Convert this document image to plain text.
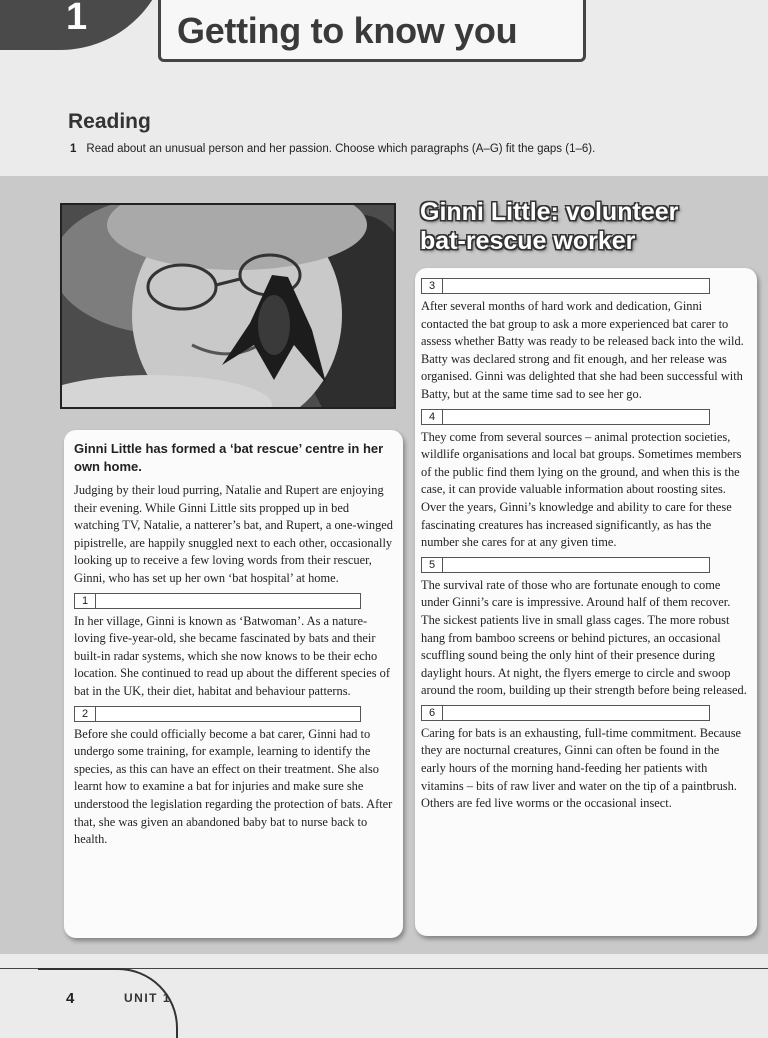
1 Getting to know you
Reading
1 Read about an unusual person and her passion. Choose which paragraphs (A–G) fit the gaps (1–6).
Ginni Little: volunteer
bat-rescue worker

Ginni Little has formed a ‘bat rescue’ centre in her own home.

Judging by their loud purring, Natalie and Rupert are enjoying their evening. While Ginni Little sits propped up in bed watching TV, Natalie, a natterer’s bat, and Rupert, a one-winged pipistrelle, are happily snuggled next to each other, occasionally looking up to receive a few loving words from their rescuer, Ginni, who has set up her own ‘bat hospital’ at home.

1

In her village, Ginni is known as ‘Batwoman’. As a nature-loving five-year-old, she became fascinated by bats and their built-in radar systems, which she now knows to be their echo location. She continued to read up about the different species of bat in the UK, their diet, habitat and behaviour patterns.

2

Before she could officially become a bat carer, Ginni had to undergo some training, for example, learning to identify the species, as this can have an effect on their treatment. She also learnt how to examine a bat for injuries and make sure she understood the legislation regarding the protection of bats. After that, she was given an abandoned baby bat to nurse back to health.

3

After several months of hard work and dedication, Ginni contacted the bat group to ask a more experienced bat carer to assess whether Batty was ready to be released back into the wild. Batty was declared strong and fit enough, and her release was organised. Ginni was delighted that she had been successful with Batty, but at the same time sad to see her go.

4

They come from several sources – animal protection societies, wildlife organisations and local bat groups. Sometimes members of the public find them lying on the ground, and when this is the case, it can provide valuable information about roosting sites. Over the years, Ginni’s knowledge and ability to care for these fascinating creatures has increased significantly, as has the number she cares for at any given time.

5

The survival rate of those who are fortunate enough to come under Ginni’s care is impressive. Around half of them recover. The sickest patients live in small glass cages. The more robust hang from bamboo screens or behind pictures, an occasional scuffling sound being the only hint of their presence during daylight hours. At night, the flyers emerge to circle and swoop around the room, building up their strength before being released.

6

Caring for bats is an exhausting, full-time commitment. Because they are nocturnal creatures, Ginni can often be found in the early hours of the morning hand-feeding her patients with vitamins – bits of raw liver and water on the tip of a paintbrush. Others are fed live worms or the occasional insect.

4	UNIT 1
